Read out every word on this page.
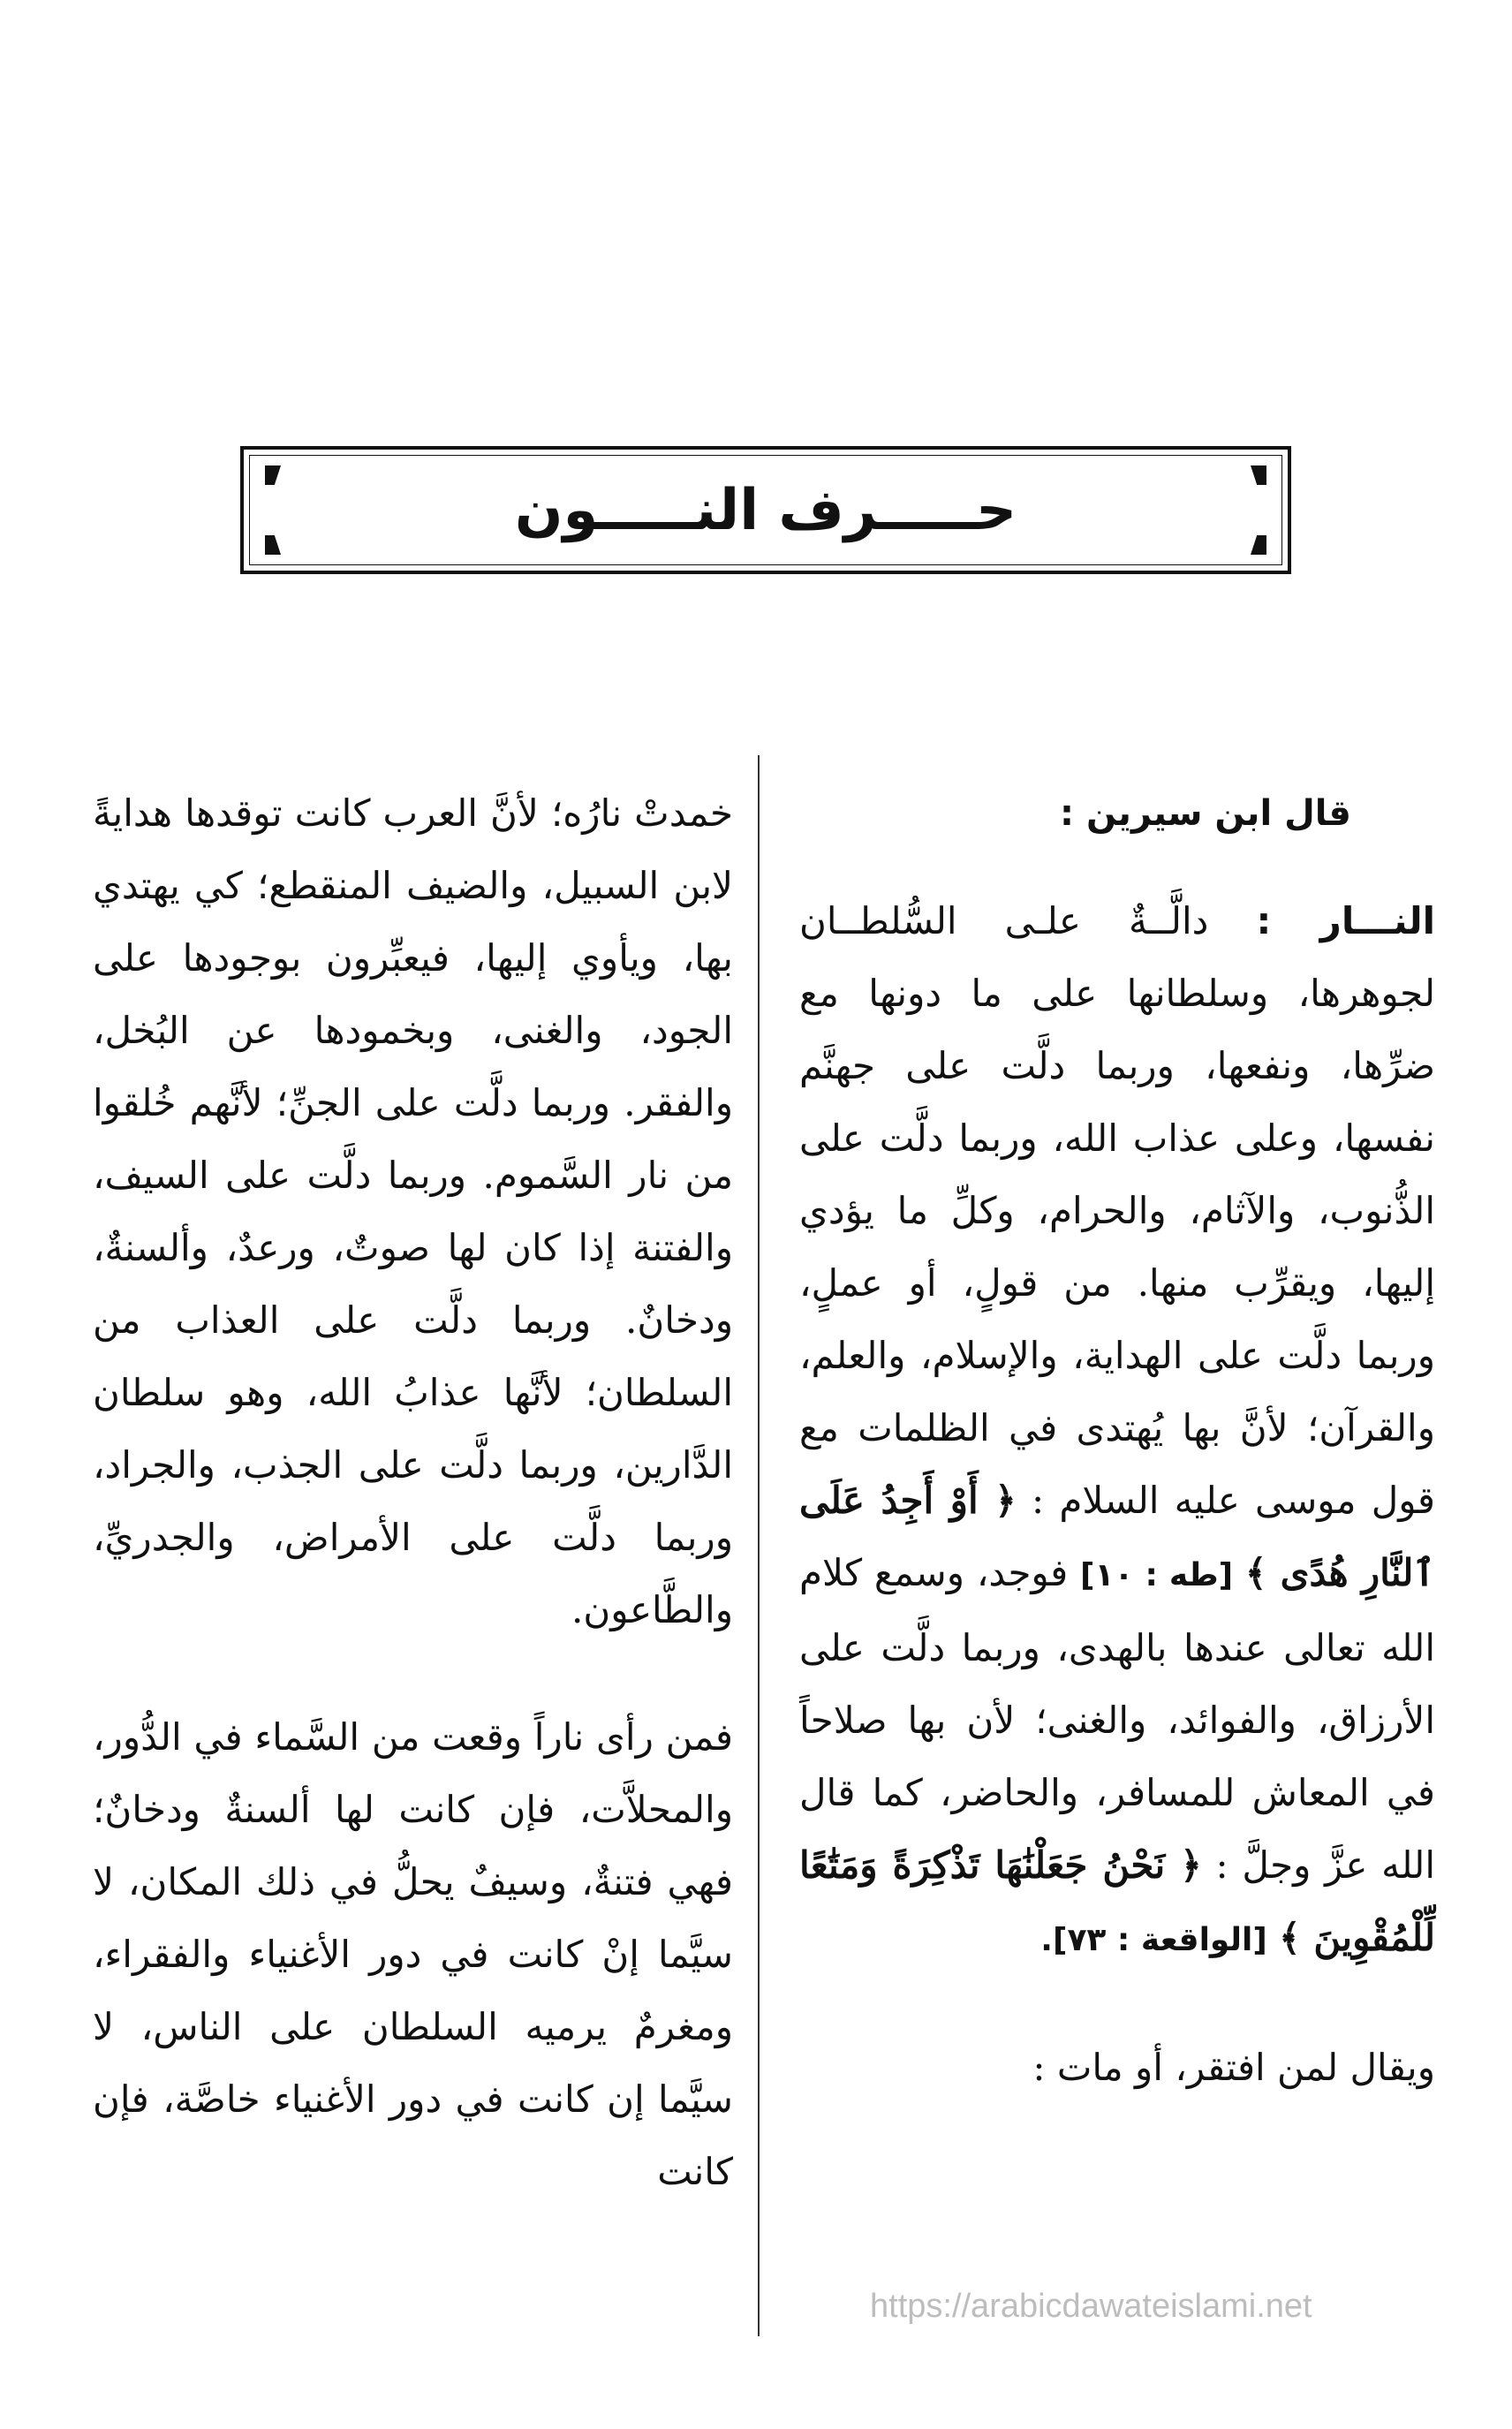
حـــــرف النـــــون

قال ابن سيرين :

النـــار : دالَّــةٌ علـى السُّلطــان لجوهرها، وسلطانها على ما دونها مع ضرِّها، ونفعها، وربما دلَّت على جهنَّم نفسها، وعلى عذاب الله، وربما دلَّت على الذُّنوب، والآثام، والحرام، وكلِّ ما يؤدي إليها، ويقرِّب منها. من قولٍ، أو عملٍ، وربما دلَّت على الهداية، والإسلام، والعلم، والقرآن؛ لأنَّ بها يُهتدى في الظلمات مع قول موسى عليه السلام : ﴿ أَوْ أَجِدُ عَلَى ٱلنَّارِ هُدًى ﴾ [طه : ١٠] فوجد، وسمع كلام الله تعالى عندها بالهدى، وربما دلَّت على الأرزاق، والفوائد، والغنى؛ لأن بها صلاحاً في المعاش للمسافر، والحاضر، كما قال الله عزَّ وجلَّ : ﴿ نَحْنُ جَعَلْنَٰهَا تَذْكِرَةً وَمَتَٰعًا لِّلْمُقْوِينَ ﴾ [الواقعة : ٧٣].

ويقال لمن افتقر، أو مات :

خمدتْ نارُه؛ لأنَّ العرب كانت توقدها هدايةً لابن السبيل، والضيف المنقطع؛ كي يهتدي بها، ويأوي إليها، فيعبِّرون بوجودها على الجود، والغنى، وبخمودها عن البُخل، والفقر. وربما دلَّت على الجنِّ؛ لأنَّهم خُلقوا من نار السَّموم. وربما دلَّت على السيف، والفتنة إذا كان لها صوتٌ، ورعدٌ، وألسنةٌ، ودخانٌ. وربما دلَّت على العذاب من السلطان؛ لأنَّها عذابُ الله، وهو سلطان الدَّارين، وربما دلَّت على الجذب، والجراد، وربما دلَّت على الأمراض، والجدريِّ، والطَّاعون.

فمن رأى ناراً وقعت من السَّماء في الدُّور، والمحلاَّت، فإن كانت لها ألسنةٌ ودخانٌ؛ فهي فتنةٌ، وسيفٌ يحلُّ في ذلك المكان، لا سيَّما إنْ كانت في دور الأغنياء والفقراء، ومغرمٌ يرميه السلطان على الناس، لا سيَّما إن كانت في دور الأغنياء خاصَّة، فإن كانت

https://arabicdawateislami.net
